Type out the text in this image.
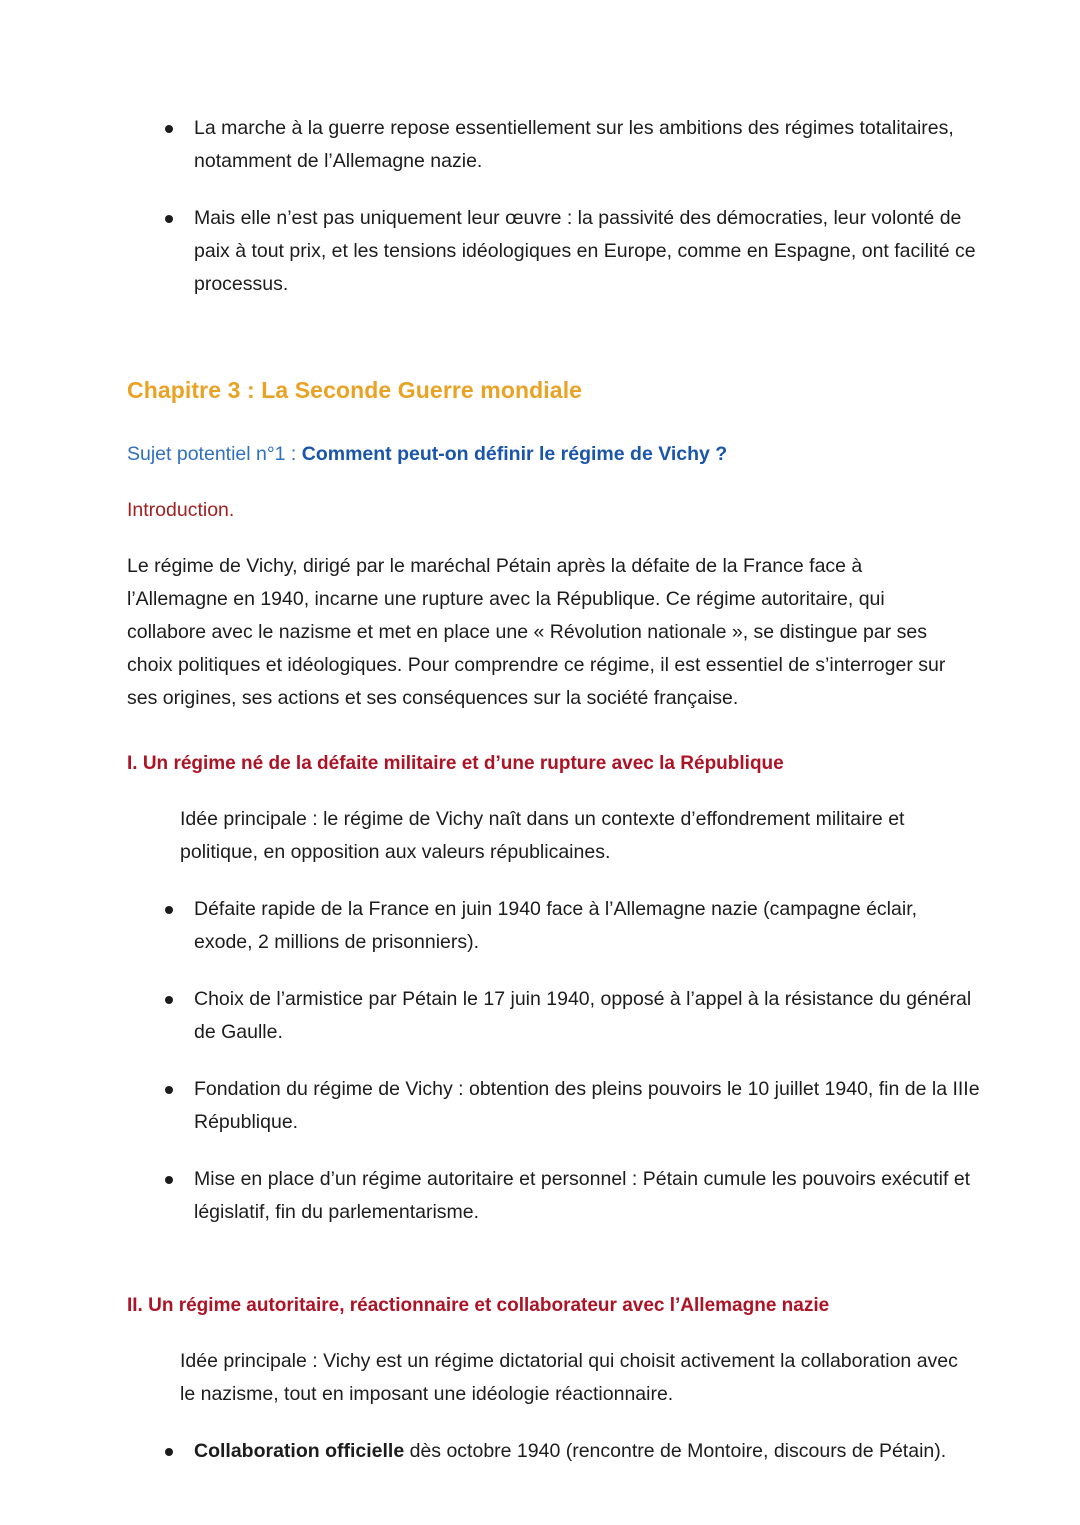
La marche à la guerre repose essentiellement sur les ambitions des régimes totalitaires, notamment de l’Allemagne nazie.
Mais elle n’est pas uniquement leur œuvre : la passivité des démocraties, leur volonté de paix à tout prix, et les tensions idéologiques en Europe, comme en Espagne, ont facilité ce processus.
Chapitre 3 : La Seconde Guerre mondiale

Sujet potentiel n°1 : Comment peut-on définir le régime de Vichy ?

Introduction.

Le régime de Vichy, dirigé par le maréchal Pétain après la défaite de la France face à l’Allemagne en 1940, incarne une rupture avec la République. Ce régime autoritaire, qui collabore avec le nazisme et met en place une « Révolution nationale », se distingue par ses choix politiques et idéologiques. Pour comprendre ce régime, il est essentiel de s’interroger sur ses origines, ses actions et ses conséquences sur la société française.

I. Un régime né de la défaite militaire et d’une rupture avec la République

Idée principale : le régime de Vichy naît dans un contexte d’effondrement militaire et politique, en opposition aux valeurs républicaines.

Défaite rapide de la France en juin 1940 face à l’Allemagne nazie (campagne éclair, exode, 2 millions de prisonniers).
Choix de l’armistice par Pétain le 17 juin 1940, opposé à l’appel à la résistance du général de Gaulle.
Fondation du régime de Vichy : obtention des pleins pouvoirs le 10 juillet 1940, fin de la IIIe République.
Mise en place d’un régime autoritaire et personnel : Pétain cumule les pouvoirs exécutif et législatif, fin du parlementarisme.
II. Un régime autoritaire, réactionnaire et collaborateur avec l’Allemagne nazie

Idée principale : Vichy est un régime dictatorial qui choisit activement la collaboration avec le nazisme, tout en imposant une idéologie réactionnaire.

Collaboration officielle dès octobre 1940 (rencontre de Montoire, discours de Pétain).
